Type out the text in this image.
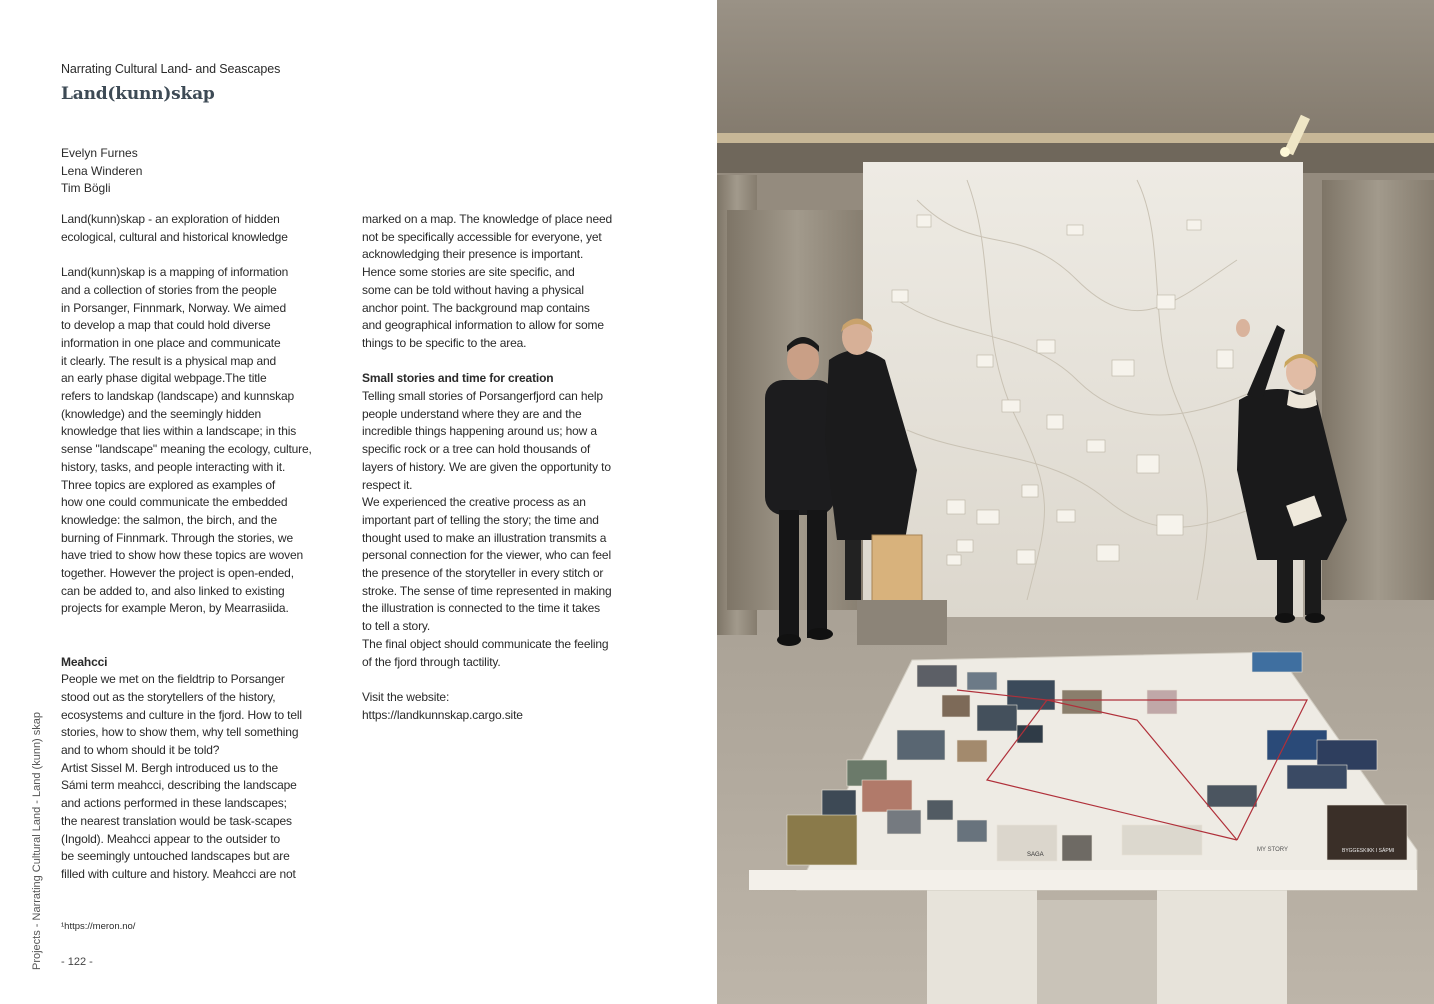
Narrating Cultural Land- and Seascapes
Land(kunn)skap
Evelyn Furnes
Lena Winderen
Tim Bögli

Land(kunn)skap - an exploration of hidden
ecological, cultural and historical knowledge

Land(kunn)skap is a mapping of information
and a collection of stories from the people
in Porsanger, Finnmark, Norway. We aimed
to develop a map that could hold diverse
information in one place and communicate
it clearly. The result is a physical map and
an early phase digital webpage.The title
refers to landskap (landscape) and kunnskap
(knowledge) and the seemingly hidden
knowledge that lies within a landscape; in this
sense "landscape" meaning the ecology, culture,
history, tasks, and people interacting with it.
Three topics are explored as examples of
how one could communicate the embedded
knowledge: the salmon, the birch, and the
burning of Finnmark. Through the stories, we
have tried to show how these topics are woven
together. However the project is open-ended,
can be added to, and also linked to existing
projects for example Meron, by Mearrasiida.

Meahcci

People we met on the fieldtrip to Porsanger
stood out as the storytellers of the history,
ecosystems and culture in the fjord. How to tell
stories, how to show them, why tell something
and to whom should it be told?
Artist Sissel M. Bergh introduced us to the
Sámi term meahcci, describing the landscape
and actions performed in these landscapes;
the nearest translation would be task-scapes
(Ingold). Meahcci appear to the outsider to
be seemingly untouched landscapes but are
filled with culture and history. Meahcci are not

marked on a map. The knowledge of place need
not be specifically accessible for everyone, yet
acknowledging their presence is important.
Hence some stories are site specific, and
some can be told without having a physical
anchor point. The background map contains
and geographical information to allow for some
things to be specific to the area.

Small stories and time for creation

Telling small stories of Porsangerfjord can help
people understand where they are and the
incredible things happening around us; how a
specific rock or a tree can hold thousands of
layers of history. We are given the opportunity to
respect it.
We experienced the creative process as an
important part of telling the story; the time and
thought used to make an illustration transmits a
personal connection for the viewer, who can feel
the presence of the storyteller in every stitch or
stroke. The sense of time represented in making
the illustration is connected to the time it takes
to tell a story.
The final object should communicate the feeling
of the fjord through tactility.

Visit the website:

https://landkunnskap.cargo.site

¹https://meron.no/
- 122 -
Projects - Narrating Cultural Land - Land (kunn) skap	SAGA
MY STORY	BYGGESKIKK I SÁPMI
